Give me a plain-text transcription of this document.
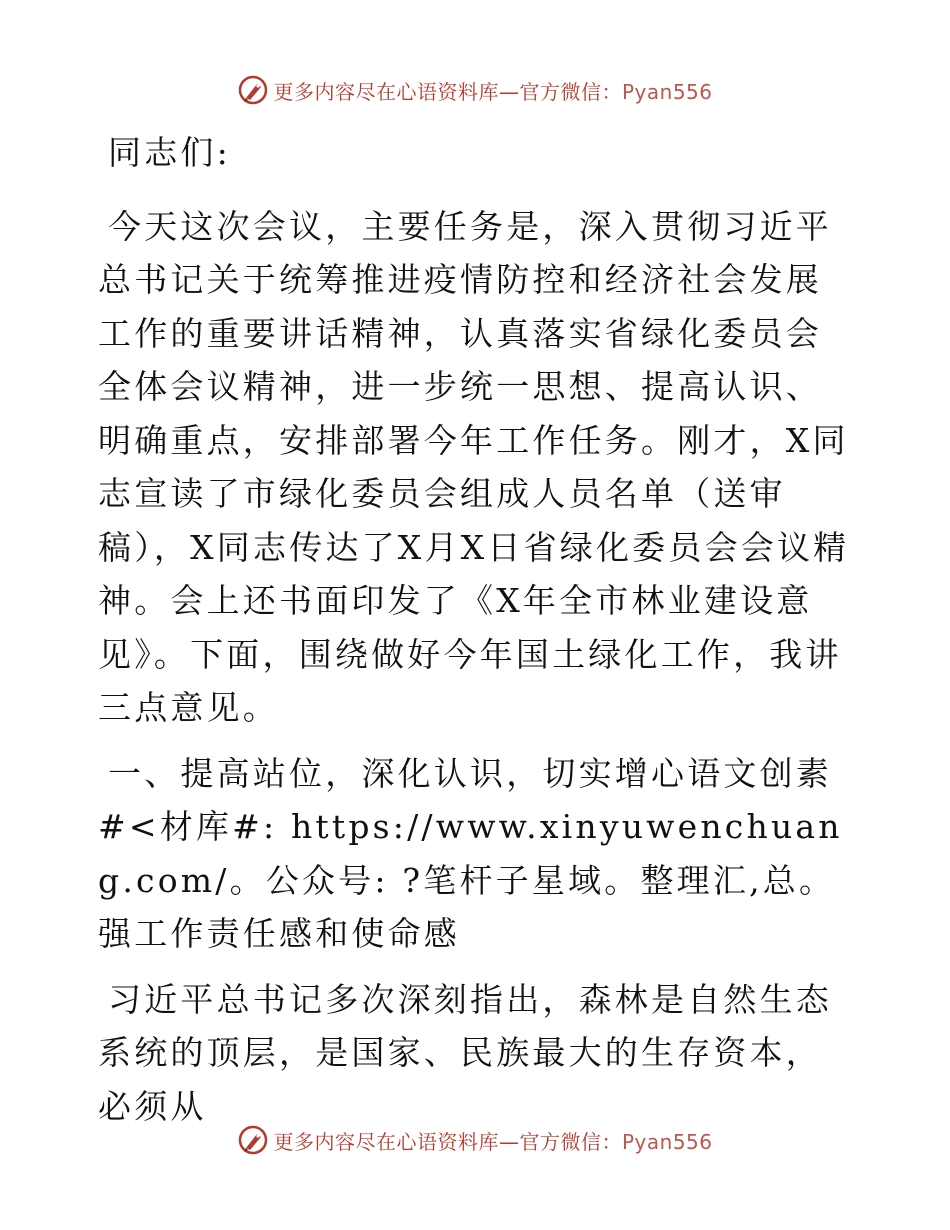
更多内容尽在心语资料库—官方微信：Pyan556

同志们:

今天这次会议，主要任务是，深入贯彻习近平总书记关于统筹推进疫情防控和经济社会发展工作的重要讲话精神，认真落实省绿化委员会全体会议精神，进一步统一思想、提高认识、明确重点，安排部署今年工作任务。刚才，X同志宣读了市绿化委员会组成人员名单（送审稿），X同志传达了X月X日省绿化委员会会议精神。会上还书面印发了《X年全市林业建设意见》。下面，围绕做好今年国土绿化工作，我讲三点意见。

一、提高站位，深化认识，切实增心语文创素#<材库#: https://www.xinyuwenchuang.com/。公众号: ?笔杆子星域。整理汇,总。强工作责任感和使命感

习近平总书记多次深刻指出，森林是自然生态系统的顶层，是国家、民族最大的生存资本，必须从

更多内容尽在心语资料库—官方微信：Pyan556
